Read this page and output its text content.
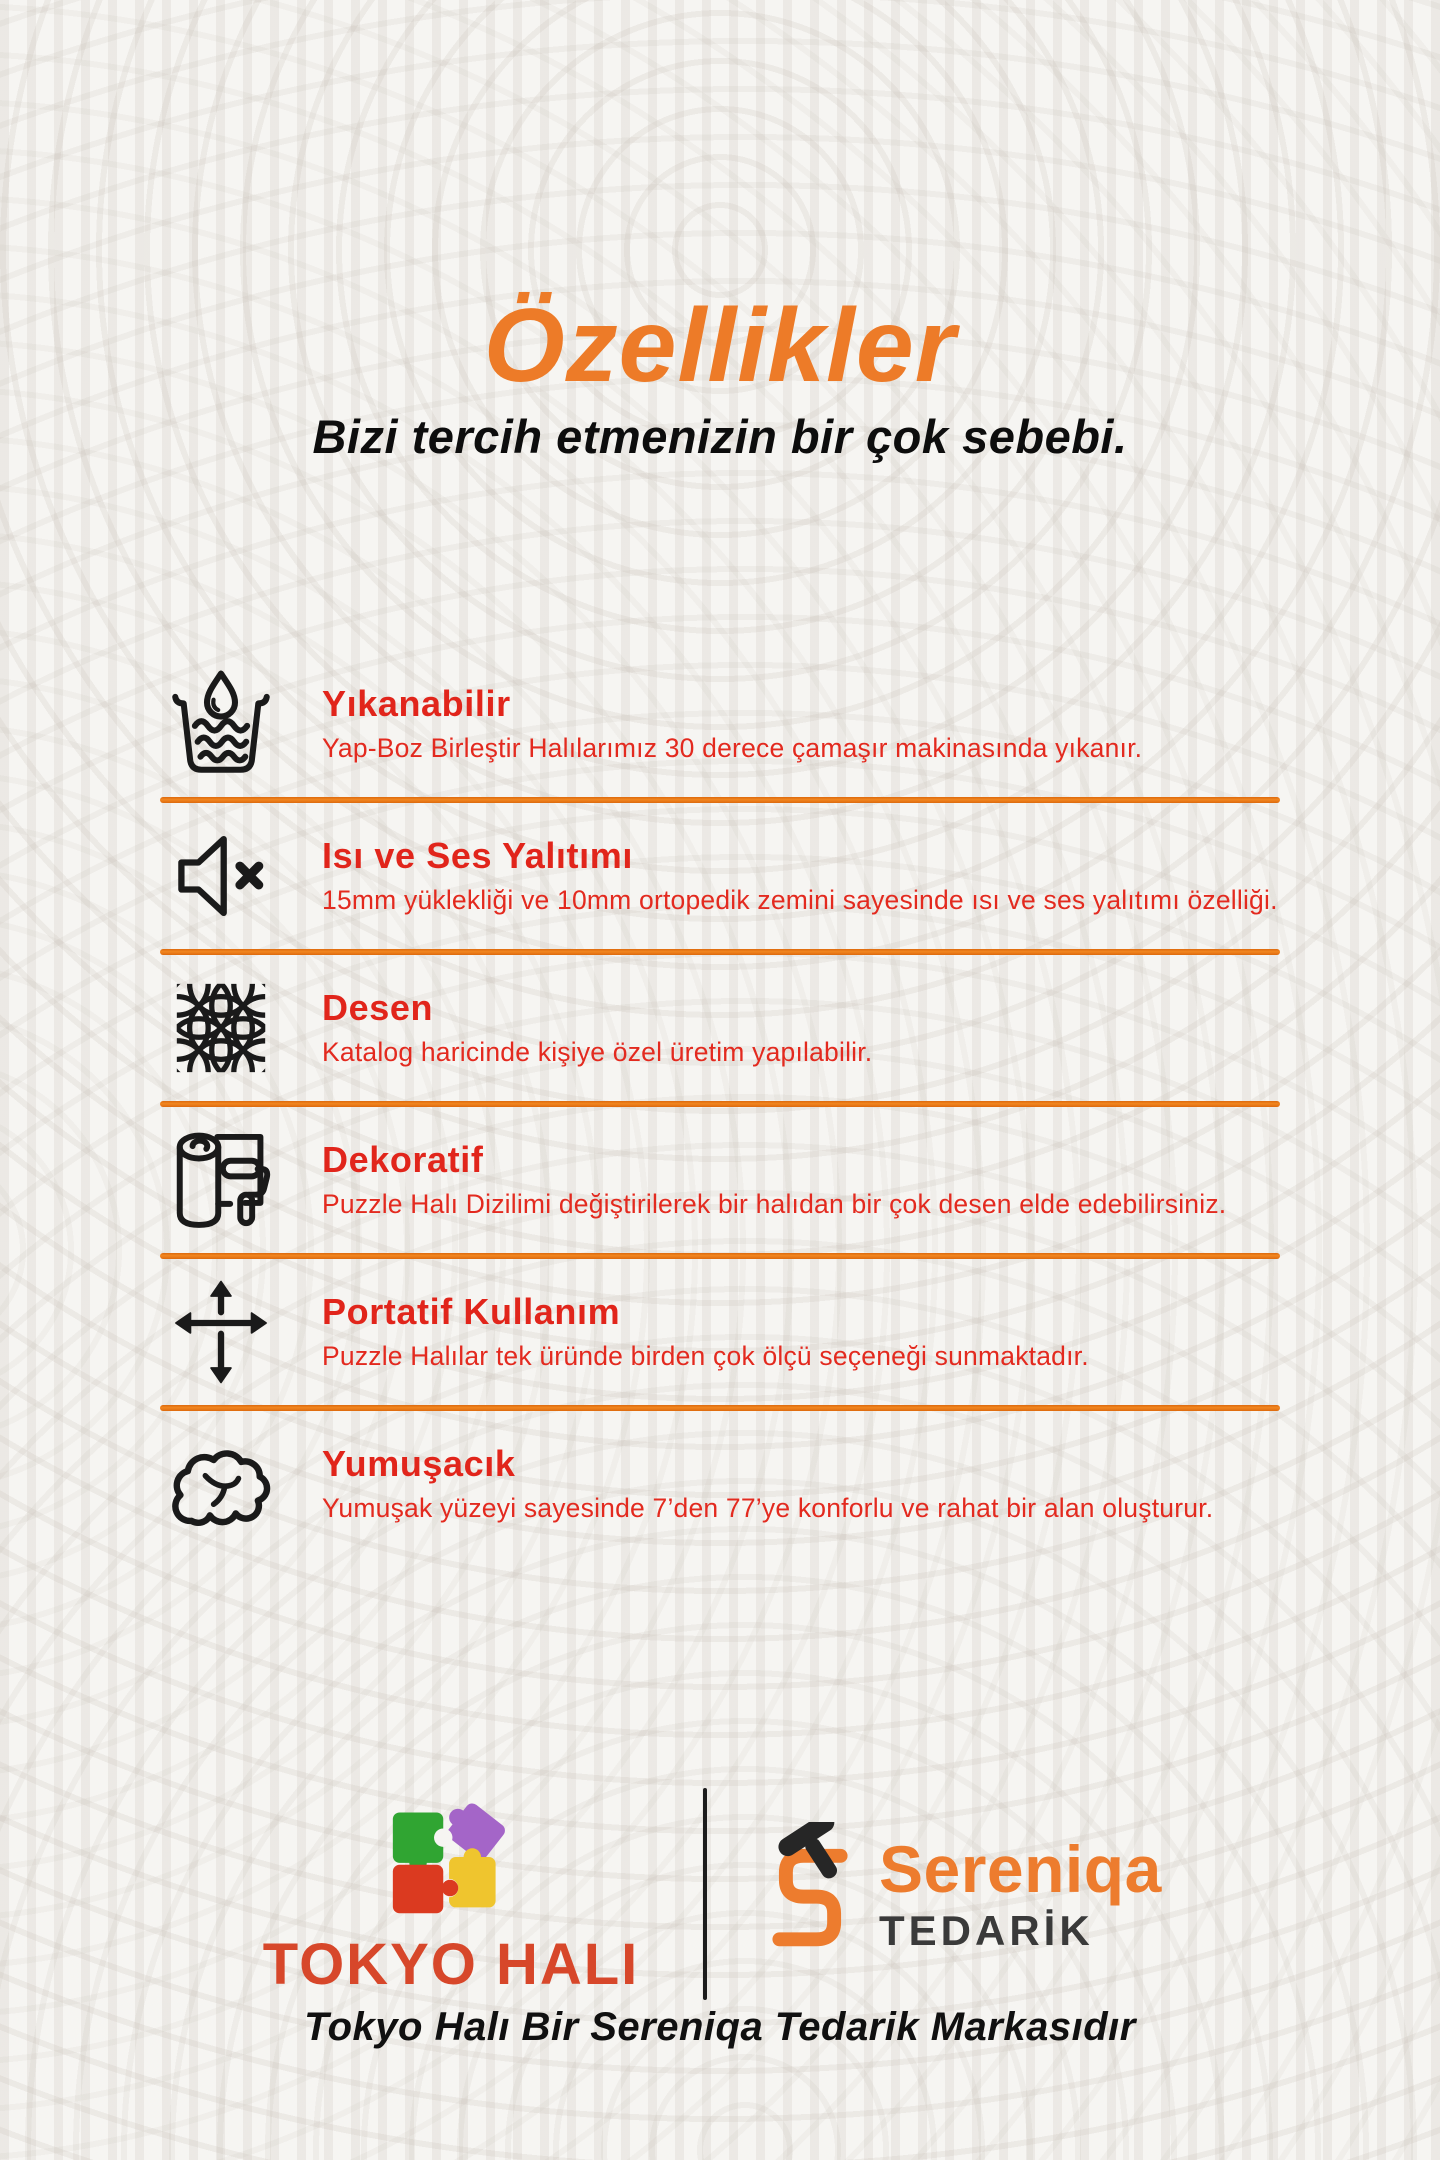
Özellikler
Bizi tercih etmenizin bir çok sebebi.
Yıkanabilir

Yap-Boz Birleştir Halılarımız 30 derece çamaşır makinasında yıkanır.

Isı ve Ses Yalıtımı

15mm yüklekliği ve 10mm ortopedik zemini sayesinde ısı ve ses yalıtımı özelliği.

Desen

Katalog haricinde kişiye özel üretim yapılabilir.

Dekoratif

Puzzle Halı Dizilimi değiştirilerek bir halıdan bir çok desen elde edebilirsiniz.

Portatif Kullanım

Puzzle Halılar tek üründe birden çok ölçü seçeneği sunmaktadır.

Yumuşacık

Yumuşak yüzeyi sayesinde 7’den 77’ye konforlu ve rahat bir alan oluşturur.

TOKYO HALI
Sereniqa
TEDARİK
Tokyo Halı Bir Sereniqa Tedarik Markasıdır
